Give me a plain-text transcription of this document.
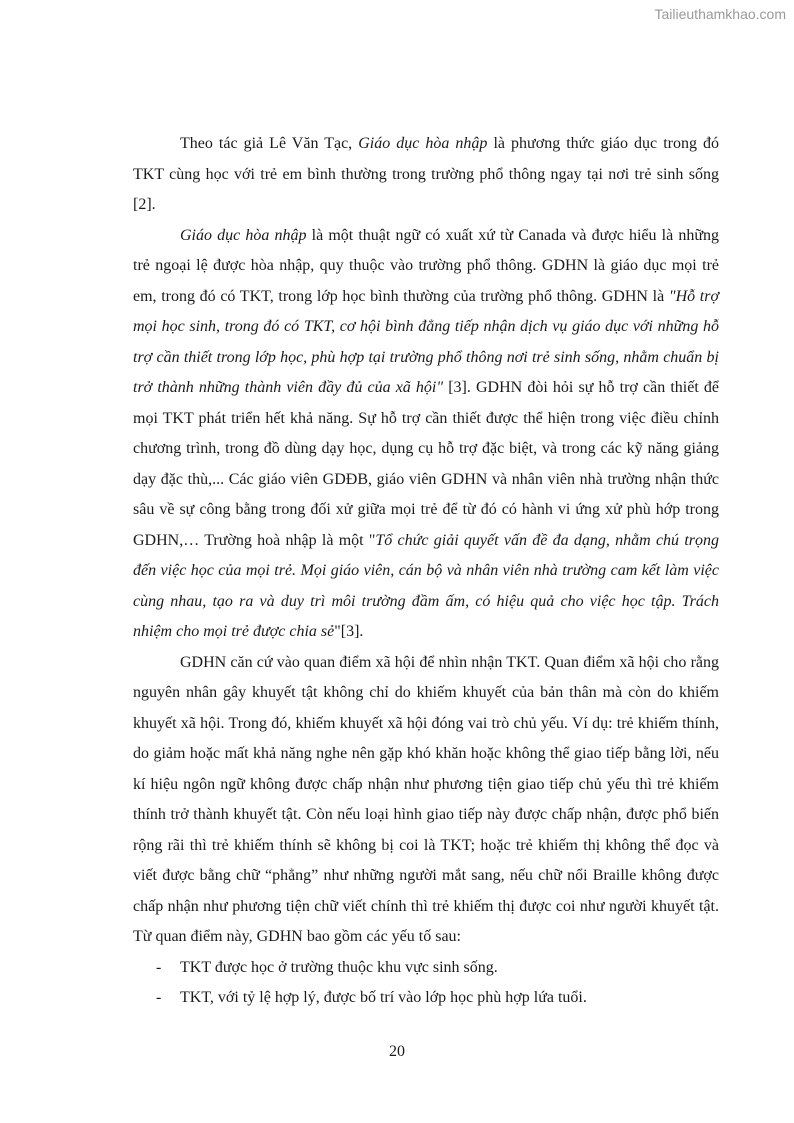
Tailieuthamkhao.com

Theo tác giả Lê Văn Tạc, Giáo dục hòa nhập là phương thức giáo dục trong đó TKT cùng học với trẻ em bình thường trong trường phổ thông ngay tại nơi trẻ sinh sống [2].

Giáo dục hòa nhập là một thuật ngữ có xuất xứ từ Canada và được hiểu là những trẻ ngoại lệ được hòa nhập, quy thuộc vào trường phổ thông. GDHN là giáo dục mọi trẻ em, trong đó có TKT, trong lớp học bình thường của trường phổ thông. GDHN là "Hỗ trợ mọi học sinh, trong đó có TKT, cơ hội bình đẳng tiếp nhận dịch vụ giáo dục với những hỗ trợ cần thiết trong lớp học, phù hợp tại trường phổ thông nơi trẻ sinh sống, nhằm chuẩn bị trở thành những thành viên đầy đủ của xã hội" [3]. GDHN đòi hỏi sự hỗ trợ cần thiết để mọi TKT phát triển hết khả năng. Sự hỗ trợ cần thiết được thể hiện trong việc điều chỉnh chương trình, trong đồ dùng dạy học, dụng cụ hỗ trợ đặc biệt, và trong các kỹ năng giảng dạy đặc thù,... Các giáo viên GDĐB, giáo viên GDHN và nhân viên nhà trường nhận thức sâu về sự công bằng trong đối xử giữa mọi trẻ để từ đó có hành vi ứng xử phù hớp trong GDHN,… Trường hoà nhập là một "Tổ chức giải quyết vấn đề đa dạng, nhằm chú trọng đến việc học của mọi trẻ. Mọi giáo viên, cán bộ và nhân viên nhà trường cam kết làm việc cùng nhau, tạo ra và duy trì môi trường đầm ấm, có hiệu quả cho việc học tập. Trách nhiệm cho mọi trẻ được chia sẻ"[3].

GDHN căn cứ vào quan điểm xã hội để nhìn nhận TKT. Quan điểm xã hội cho rằng nguyên nhân gây khuyết tật không chỉ do khiếm khuyết của bản thân mà còn do khiếm khuyết xã hội. Trong đó, khiếm khuyết xã hội đóng vai trò chủ yếu. Ví dụ: trẻ khiếm thính, do giảm hoặc mất khả năng nghe nên gặp khó khăn hoặc không thể giao tiếp bằng lời, nếu kí hiệu ngôn ngữ không được chấp nhận như phương tiện giao tiếp chủ yếu thì trẻ khiếm thính trở thành khuyết tật. Còn nếu loại hình giao tiếp này được chấp nhận, được phổ biến rộng rãi thì trẻ khiếm thính sẽ không bị coi là TKT; hoặc trẻ khiếm thị không thể đọc và viết được bằng chữ “phẳng” như những người mắt sang, nếu chữ nổi Braille không được chấp nhận như phương tiện chữ viết chính thì trẻ khiếm thị được coi như người khuyết tật. Từ quan điểm này, GDHN bao gồm các yếu tố sau:

- TKT được học ở trường thuộc khu vực sinh sống.

- TKT, với tỷ lệ hợp lý, được bố trí vào lớp học phù hợp lứa tuổi.

20
